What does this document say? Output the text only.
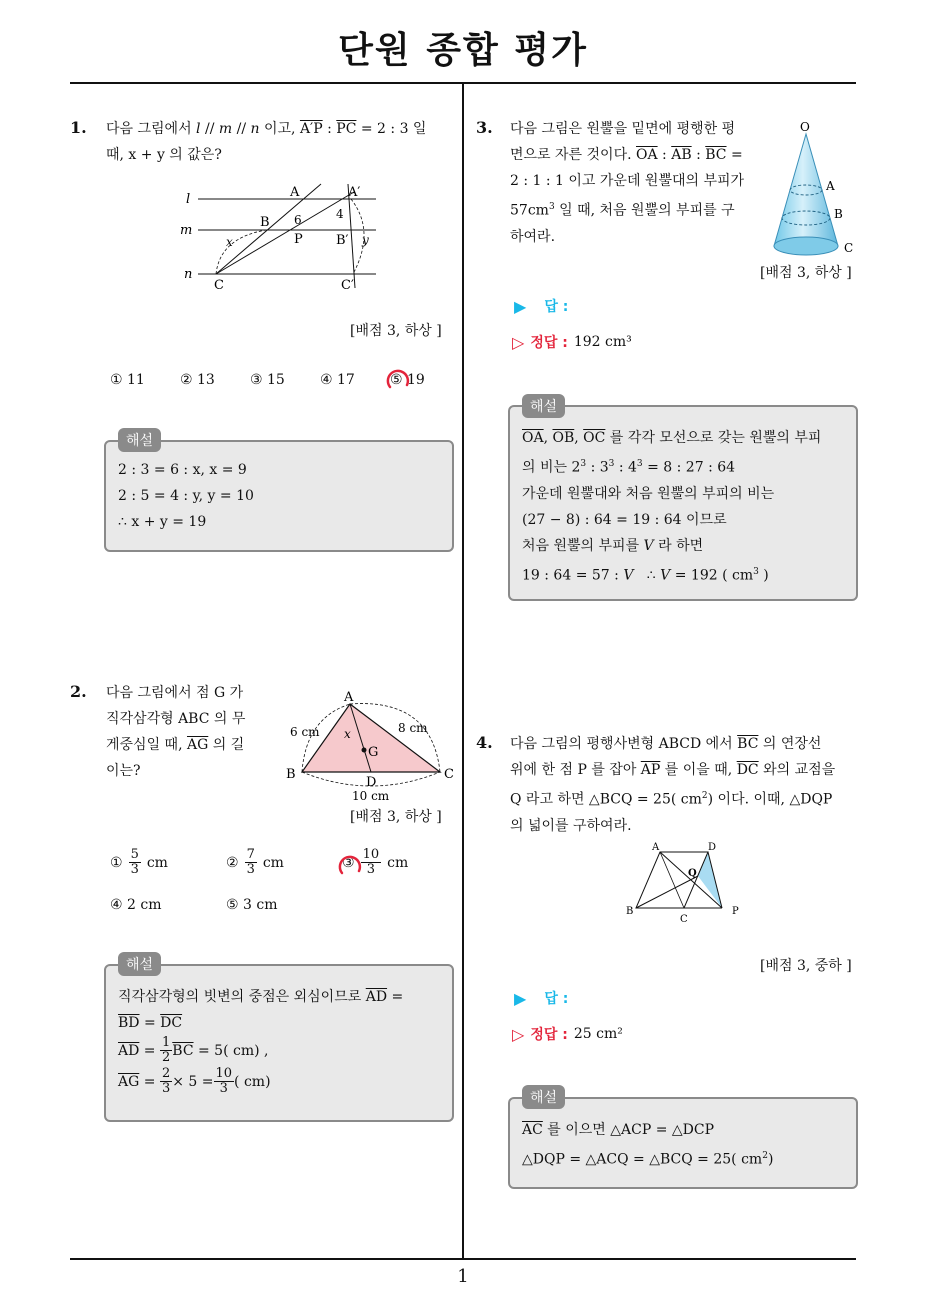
단원 종합 평가
1
1. 다음 그림에서 l // m // n 이고, A′P : $\overline{PC} = 2$ : 3 일
때, x + y 의 값은?
l
m
n
A	A′
B
B′
P
C	C′
6	4
x	y
[배점 3, 하상 ]
① 11	② 13	③ 15	④ 17	⑤ 19
해설
2 : 3 = 6 : x, x = 9
2 : 5 = 4 : y, y = 10
∴ x + y = 19
2. 다음 그림에서 점 G 가
직각삼각형 ABC 의 무
게중심일 때, $\overline{AG}$ 의 길
이는?
A
B	C
D
G
x
6 cm	8 cm
10 cm
[배점 3, 하상 ]
① $\frac{5}{3}$ cm	② $\frac{7}{3}$ cm	③ $\frac{10}{3}$ cm
④ 2 cm	⑤ 3 cm
해설
직각삼각형의 빗변의 중점은 외심이므로 $\overline{AD}$ =
$\overline{BD} = \overline{DC}$
$\overline{AD} = \frac{1}{2} \overline{BC} = 5$( cm) ,
$\overline{AG} = \frac{2}{3} \times 5 = \frac{10}{3}$ ( cm)
3. 다음 그림은 원뿔을 밑면에 평행한 평
면으로 자른 것이다. $\overline{OA}$ : $\overline{AB}$ : $\overline{BC}$ =
2 : 1 : 1 이고 가운데 원뿔대의 부피가
$57cm^3$ 일 때, 처음 원뿔의 부피를 구
하여라.
O
A
B
C
[배점 3, 하상 ]
▶ 답 :
▷ 정답 : 192 cm³
해설
$\overline{OA}$, $\overline{OB}$, $\overline{OC}$ 를 각각 모선으로 갖는 원뿔의 부피
의 비는 $2^3$ : $3^3$ : $4^3 = 8$ : 27 : 64
가운데 원뿔대와 처음 원뿔의 부피의 비는
(27 − 8) : 64 = 19 : 64 이므로
처음 원뿔의 부피를 V 라 하면
19 : 64 = 57 : V   ∴ V = 192 ( $cm^3$ )
4. 다음 그림의 평행사변형 ABCD 에서 $\overline{BC}$ 의 연장선
위에 한 점 P 를 잡아 $\overline{AP}$ 를 이을 때, $\overline{DC}$ 와의 교점을
Q 라고 하면 △BCQ = 25( $cm^2$) 이다. 이때, △DQP
의 넓이를 구하여라.
A	D
B
C
P
Q
[배점 3, 중하 ]
▶ 답 :
▷ 정답 : 25 cm²
해설
$\overline{AC}$ 를 이으면 △ACP = △DCP
△DQP = △ACQ = △BCQ = 25( $cm^2$)
